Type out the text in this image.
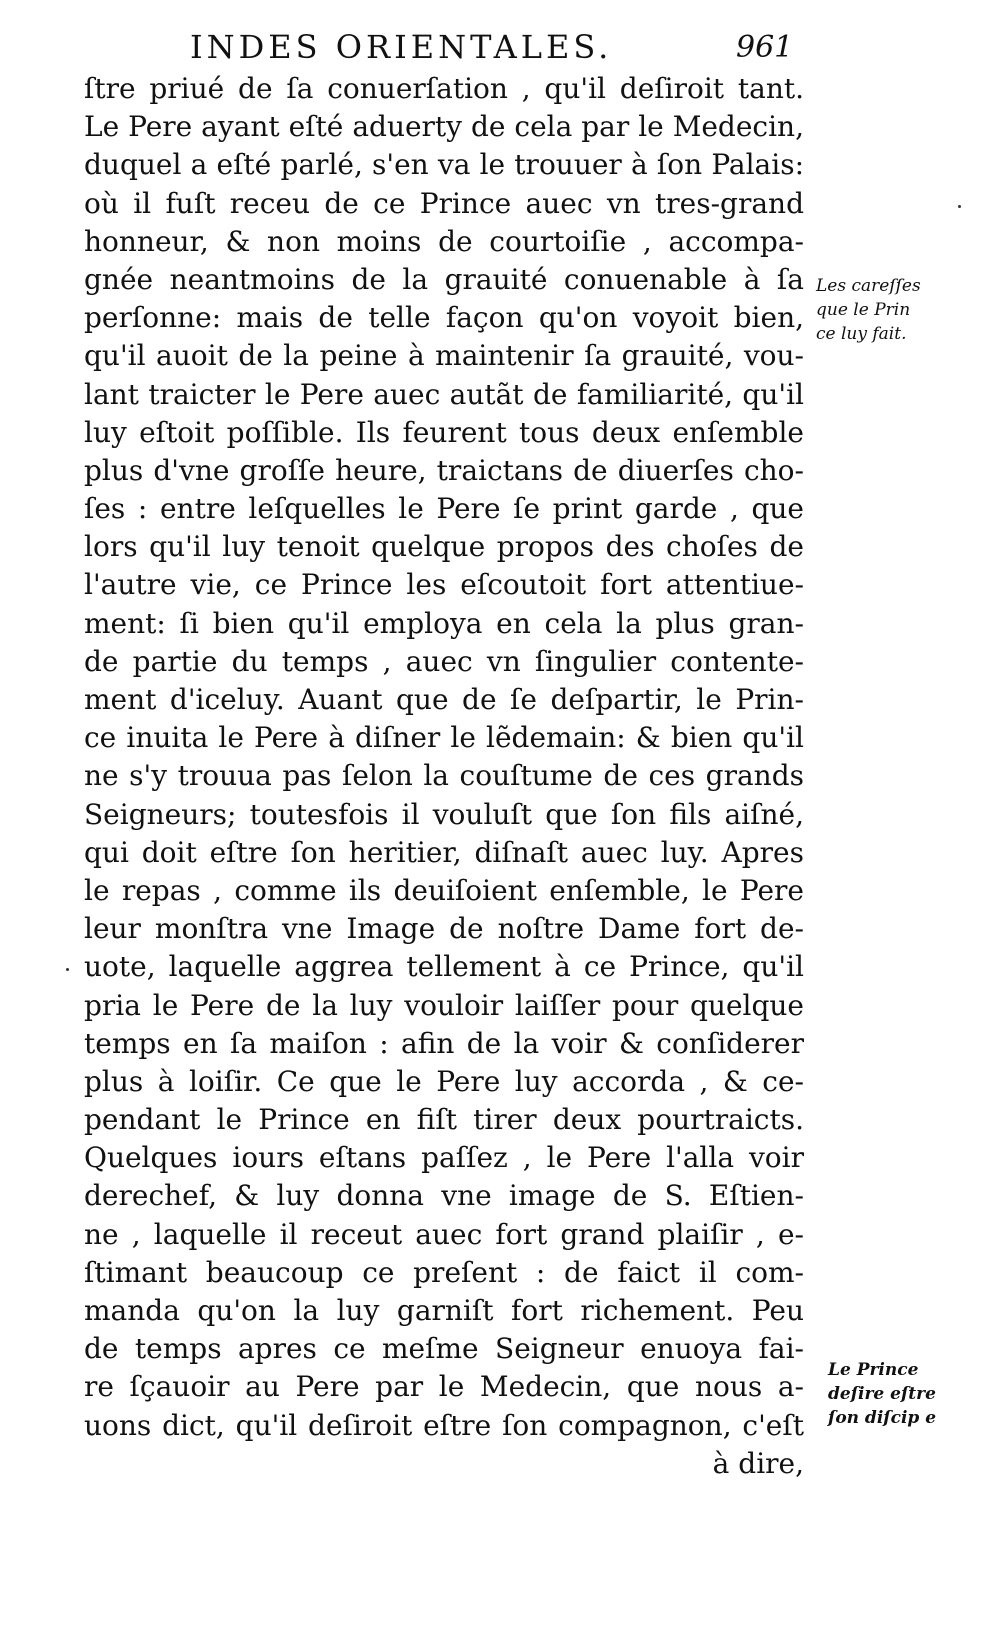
INDES ORIENTALES.	961
ſtre priué de ſa conuerſation , qu'il deſiroit tant.
Le Pere ayant eſté aduerty de cela par le Medecin,
duquel a eſté parlé, s'en va le trouuer à ſon Palais:
où il fuſt receu de ce Prince auec vn tres-grand
honneur, & non moins de courtoiſie , accompa-
gnée neantmoins de la grauité conuenable à ſa
perſonne: mais de telle façon qu'on voyoit bien,
qu'il auoit de la peine à maintenir ſa grauité, vou-
lant traicter le Pere auec autãt de familiarité, qu'il
luy eſtoit poſſible. Ils feurent tous deux enſemble
plus d'vne groſſe heure, traictans de diuerſes cho-
ſes : entre leſquelles le Pere ſe print garde , que
lors qu'il luy tenoit quelque propos des choſes de
l'autre vie, ce Prince les eſcoutoit fort attentiue-
ment: ſi bien qu'il employa en cela la plus gran-
de partie du temps , auec vn ſingulier contente-
ment d'iceluy. Auant que de ſe deſpartir, le Prin-
ce inuita le Pere à diſner le lẽdemain: & bien qu'il
ne s'y trouua pas ſelon la couſtume de ces grands
Seigneurs; toutesfois il vouluſt que ſon fils aiſné,
qui doit eſtre ſon heritier, diſnaſt auec luy. Apres
le repas , comme ils deuiſoient enſemble, le Pere
leur monſtra vne Image de noſtre Dame fort de-
uote, laquelle aggrea tellement à ce Prince, qu'il
pria le Pere de la luy vouloir laiſſer pour quelque
temps en ſa maiſon : afin de la voir & conſiderer
plus à loiſir. Ce que le Pere luy accorda , & ce-
pendant le Prince en fiſt tirer deux pourtraicts.
Quelques iours eſtans paſſez , le Pere l'alla voir
derechef, & luy donna vne image de S. Eſtien-
ne , laquelle il receut auec fort grand plaiſir , e-
ſtimant beaucoup ce preſent : de faict il com-
manda qu'on la luy garniſt fort richement. Peu
de temps apres ce meſme Seigneur enuoya fai-
re ſçauoir au Pere par le Medecin, que nous a-
uons dict, qu'il deſiroit eſtre ſon compagnon, c'eſt
à dire,
Les careſſes
que le Prin
ce luy fait.
Le Prince
deſire eſtre
ſon diſcip e
